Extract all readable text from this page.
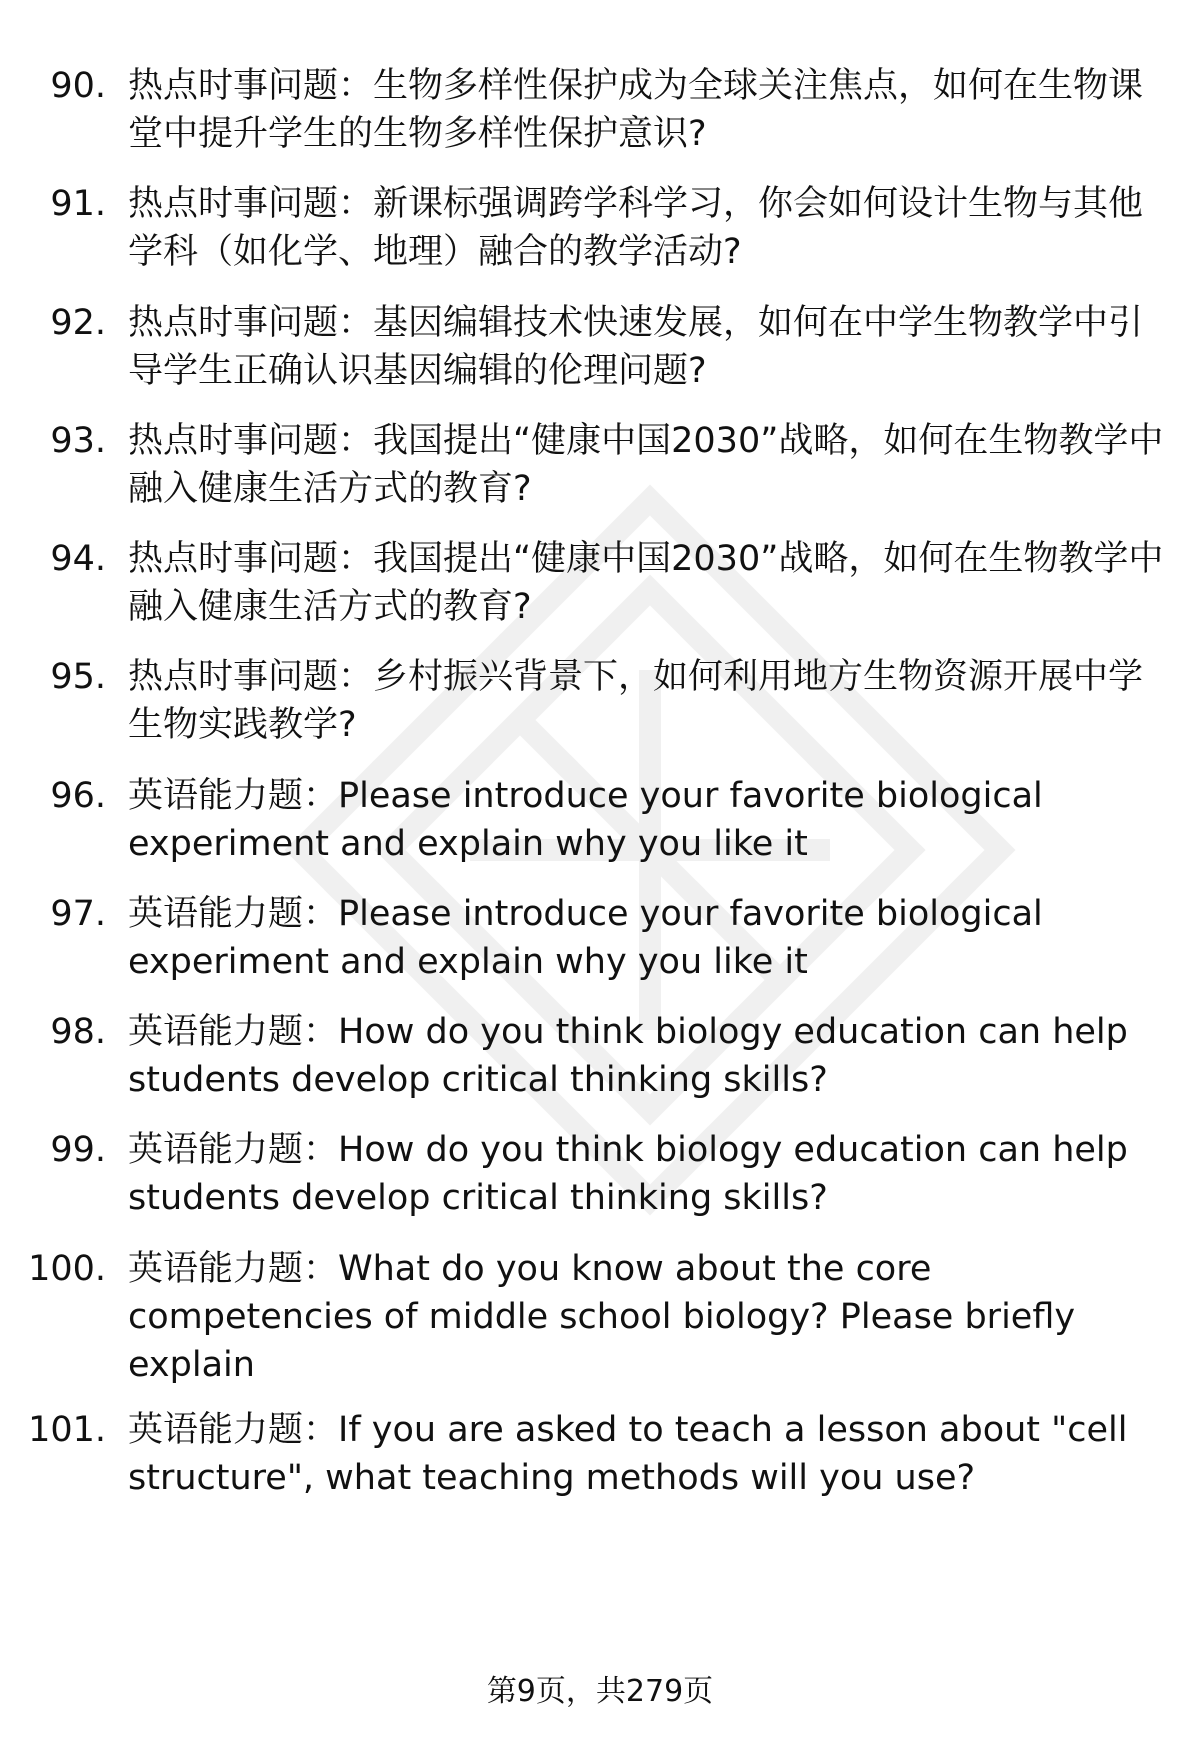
90. 热点时事问题：生物多样性保护成为全球关注焦点，如何在生物课堂中提升学生的生物多样性保护意识?
91. 热点时事问题：新课标强调跨学科学习，你会如何设计生物与其他学科（如化学、地理）融合的教学活动?
92. 热点时事问题：基因编辑技术快速发展，如何在中学生物教学中引导学生正确认识基因编辑的伦理问题?
93. 热点时事问题：我国提出“健康中国2030”战略，如何在生物教学中融入健康生活方式的教育?
94. 热点时事问题：我国提出“健康中国2030”战略，如何在生物教学中融入健康生活方式的教育?
95. 热点时事问题：乡村振兴背景下，如何利用地方生物资源开展中学生物实践教学?
96. 英语能力题：Please introduce your favorite biological experiment and explain why you like it
97. 英语能力题：Please introduce your favorite biological experiment and explain why you like it
98. 英语能力题：How do you think biology education can help students develop critical thinking skills?
99. 英语能力题：How do you think biology education can help students develop critical thinking skills?
100. 英语能力题：What do you know about the core competencies of middle school biology? Please briefly explain
101. 英语能力题：If you are asked to teach a lesson about "cell structure", what teaching methods will you use?
第9页，共279页
